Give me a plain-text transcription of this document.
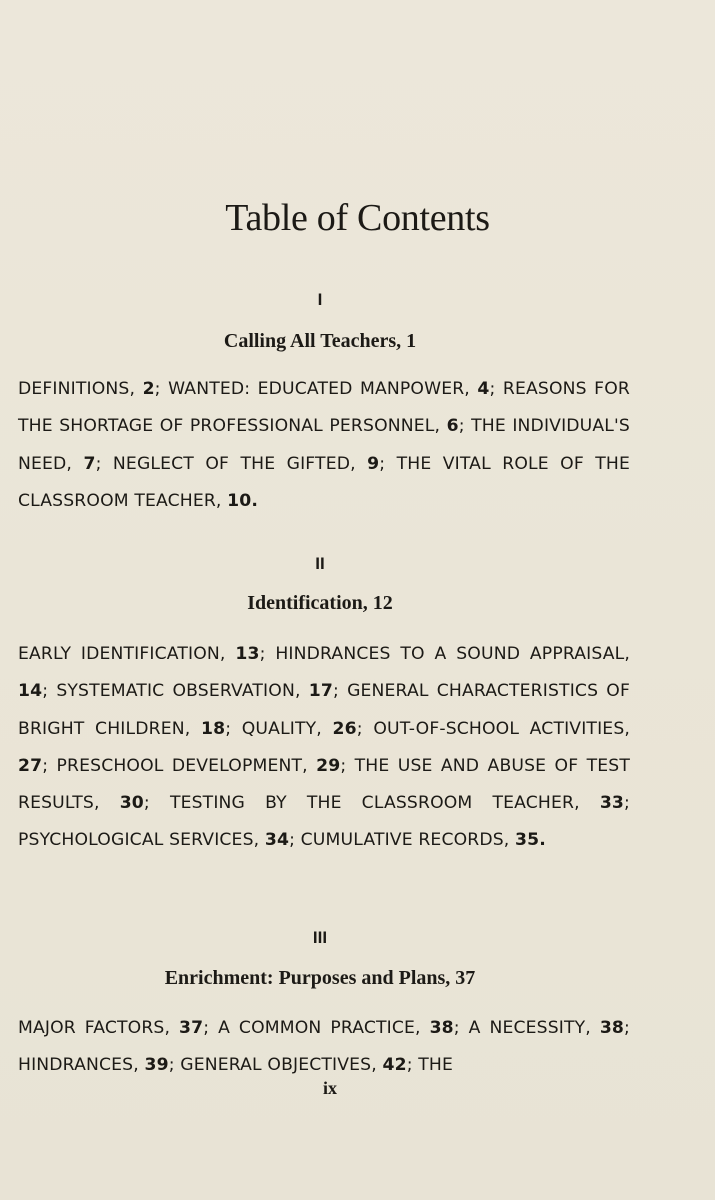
Table of Contents
I
Calling All Teachers, 1
DEFINITIONS, 2; WANTED: EDUCATED MANPOWER, 4; REASONS FOR THE SHORTAGE OF PROFESSIONAL PERSONNEL, 6; THE INDIVIDUAL'S NEED, 7; NEGLECT OF THE GIFTED, 9; THE VITAL ROLE OF THE CLASSROOM TEACHER, 10.
II
Identification, 12
EARLY IDENTIFICATION, 13; HINDRANCES TO A SOUND APPRAISAL, 14; SYSTEMATIC OBSERVATION, 17; GENERAL CHARACTERISTICS OF BRIGHT CHILDREN, 18; QUALITY, 26; OUT-OF-SCHOOL ACTIVITIES, 27; PRESCHOOL DEVELOPMENT, 29; THE USE AND ABUSE OF TEST RESULTS, 30; TESTING BY THE CLASSROOM TEACHER, 33; PSYCHOLOGICAL SERVICES, 34; CUMULATIVE RECORDS, 35.
III
Enrichment: Purposes and Plans, 37
MAJOR FACTORS, 37; A COMMON PRACTICE, 38; A NECESSITY, 38; HINDRANCES, 39; GENERAL OBJECTIVES, 42; THE
ix
